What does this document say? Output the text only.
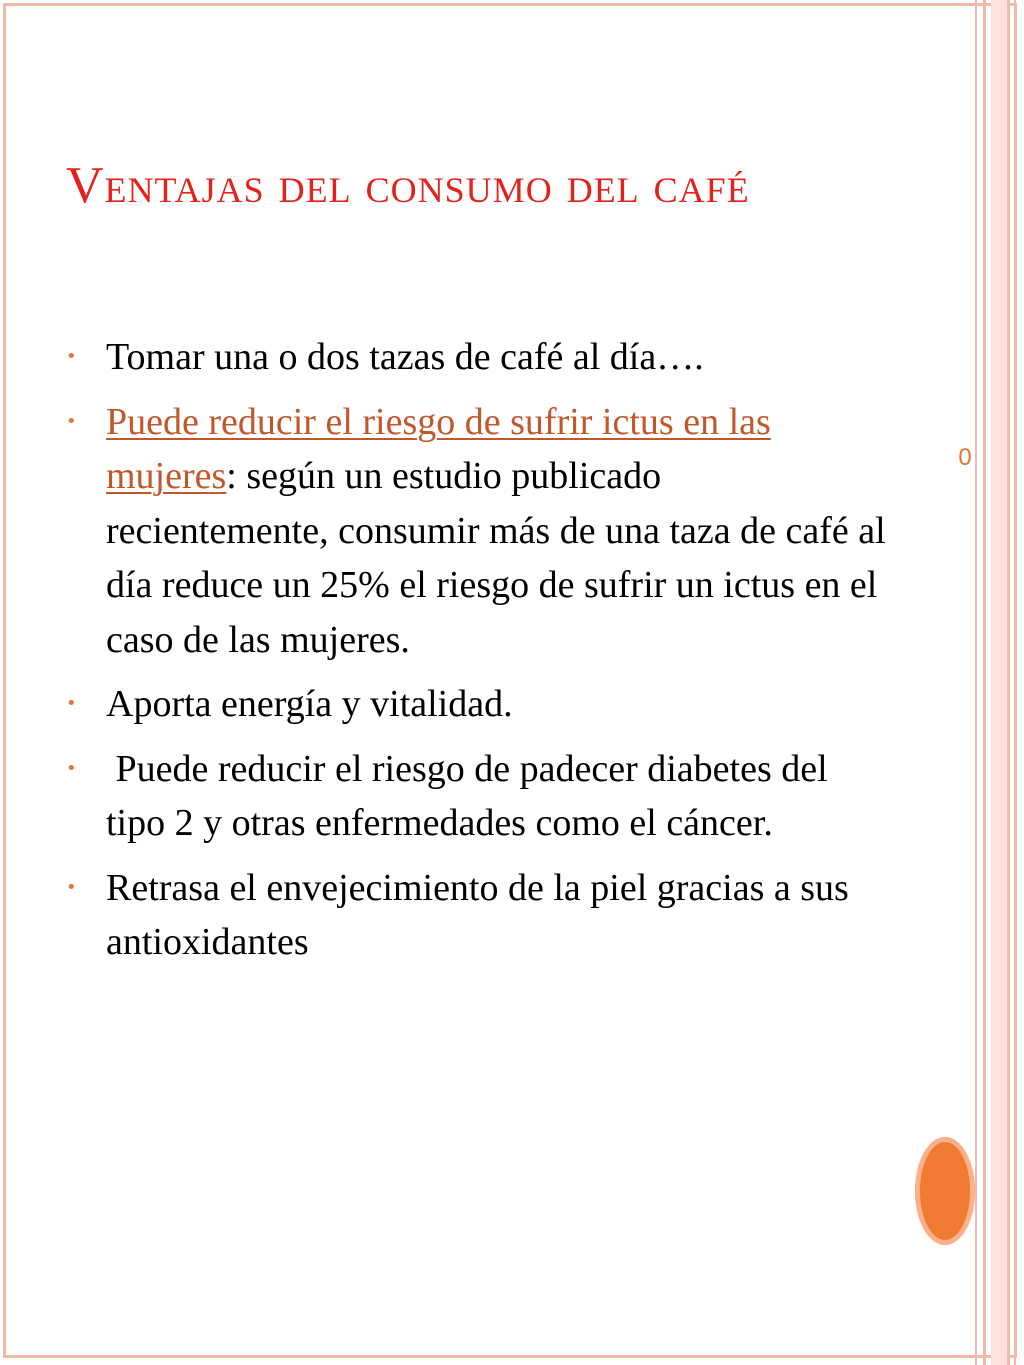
Ventajas del consumo del café
• Tomar una o dos tazas de café al día….
• Puede reducir el riesgo de sufrir ictus en las mujeres: según un estudio publicado recientemente, consumir más de una taza de café al día reduce un 25% el riesgo de sufrir un ictus en el caso de las mujeres.
• Aporta energía y vitalidad.
• Puede reducir el riesgo de padecer diabetes del tipo 2 y otras enfermedades como el cáncer.
• Retrasa el envejecimiento de la piel gracias a sus antioxidantes
0
